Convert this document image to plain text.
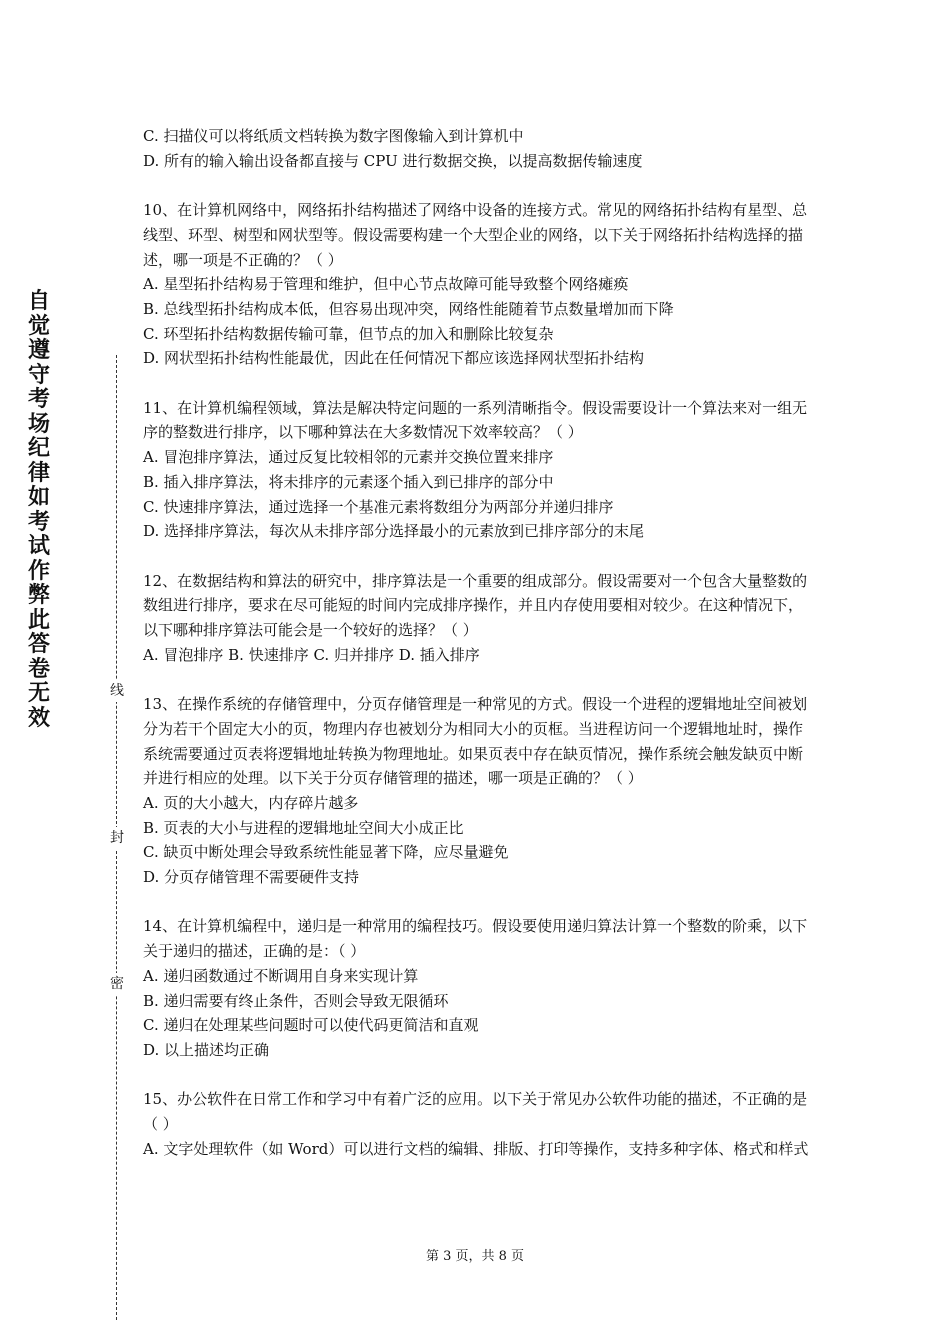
自觉遵守考场纪律如考试作弊此答卷无效
线
封
密

C. 扫描仪可以将纸质文档转换为数字图像输入到计算机中

D. 所有的输入输出设备都直接与 CPU 进行数据交换，以提高数据传输速度

10、在计算机网络中，网络拓扑结构描述了网络中设备的连接方式。常见的网络拓扑结构有星型、总线型、环型、树型和网状型等。假设需要构建一个大型企业的网络，以下关于网络拓扑结构选择的描述，哪一项是不正确的？（ ）

A. 星型拓扑结构易于管理和维护，但中心节点故障可能导致整个网络瘫痪

B. 总线型拓扑结构成本低，但容易出现冲突，网络性能随着节点数量增加而下降

C. 环型拓扑结构数据传输可靠，但节点的加入和删除比较复杂

D. 网状型拓扑结构性能最优，因此在任何情况下都应该选择网状型拓扑结构

11、在计算机编程领域，算法是解决特定问题的一系列清晰指令。假设需要设计一个算法来对一组无序的整数进行排序，以下哪种算法在大多数情况下效率较高？（ ）

A. 冒泡排序算法，通过反复比较相邻的元素并交换位置来排序

B. 插入排序算法，将未排序的元素逐个插入到已排序的部分中

C. 快速排序算法，通过选择一个基准元素将数组分为两部分并递归排序

D. 选择排序算法，每次从未排序部分选择最小的元素放到已排序部分的末尾

12、在数据结构和算法的研究中，排序算法是一个重要的组成部分。假设需要对一个包含大量整数的数组进行排序，要求在尽可能短的时间内完成排序操作，并且内存使用要相对较少。在这种情况下，以下哪种排序算法可能会是一个较好的选择？（ ）

A. 冒泡排序 B. 快速排序 C. 归并排序 D. 插入排序

13、在操作系统的存储管理中，分页存储管理是一种常见的方式。假设一个进程的逻辑地址空间被划分为若干个固定大小的页，物理内存也被划分为相同大小的页框。当进程访问一个逻辑地址时，操作系统需要通过页表将逻辑地址转换为物理地址。如果页表中存在缺页情况，操作系统会触发缺页中断并进行相应的处理。以下关于分页存储管理的描述，哪一项是正确的？（ ）

A. 页的大小越大，内存碎片越多

B. 页表的大小与进程的逻辑地址空间大小成正比

C. 缺页中断处理会导致系统性能显著下降，应尽量避免

D. 分页存储管理不需要硬件支持

14、在计算机编程中，递归是一种常用的编程技巧。假设要使用递归算法计算一个整数的阶乘，以下关于递归的描述，正确的是：（ ）

A. 递归函数通过不断调用自身来实现计算

B. 递归需要有终止条件，否则会导致无限循环

C. 递归在处理某些问题时可以使代码更简洁和直观

D. 以上描述均正确

15、办公软件在日常工作和学习中有着广泛的应用。以下关于常见办公软件功能的描述，不正确的是（ ）

A. 文字处理软件（如 Word）可以进行文档的编辑、排版、打印等操作，支持多种字体、格式和样式

第 3 页，共 8 页
